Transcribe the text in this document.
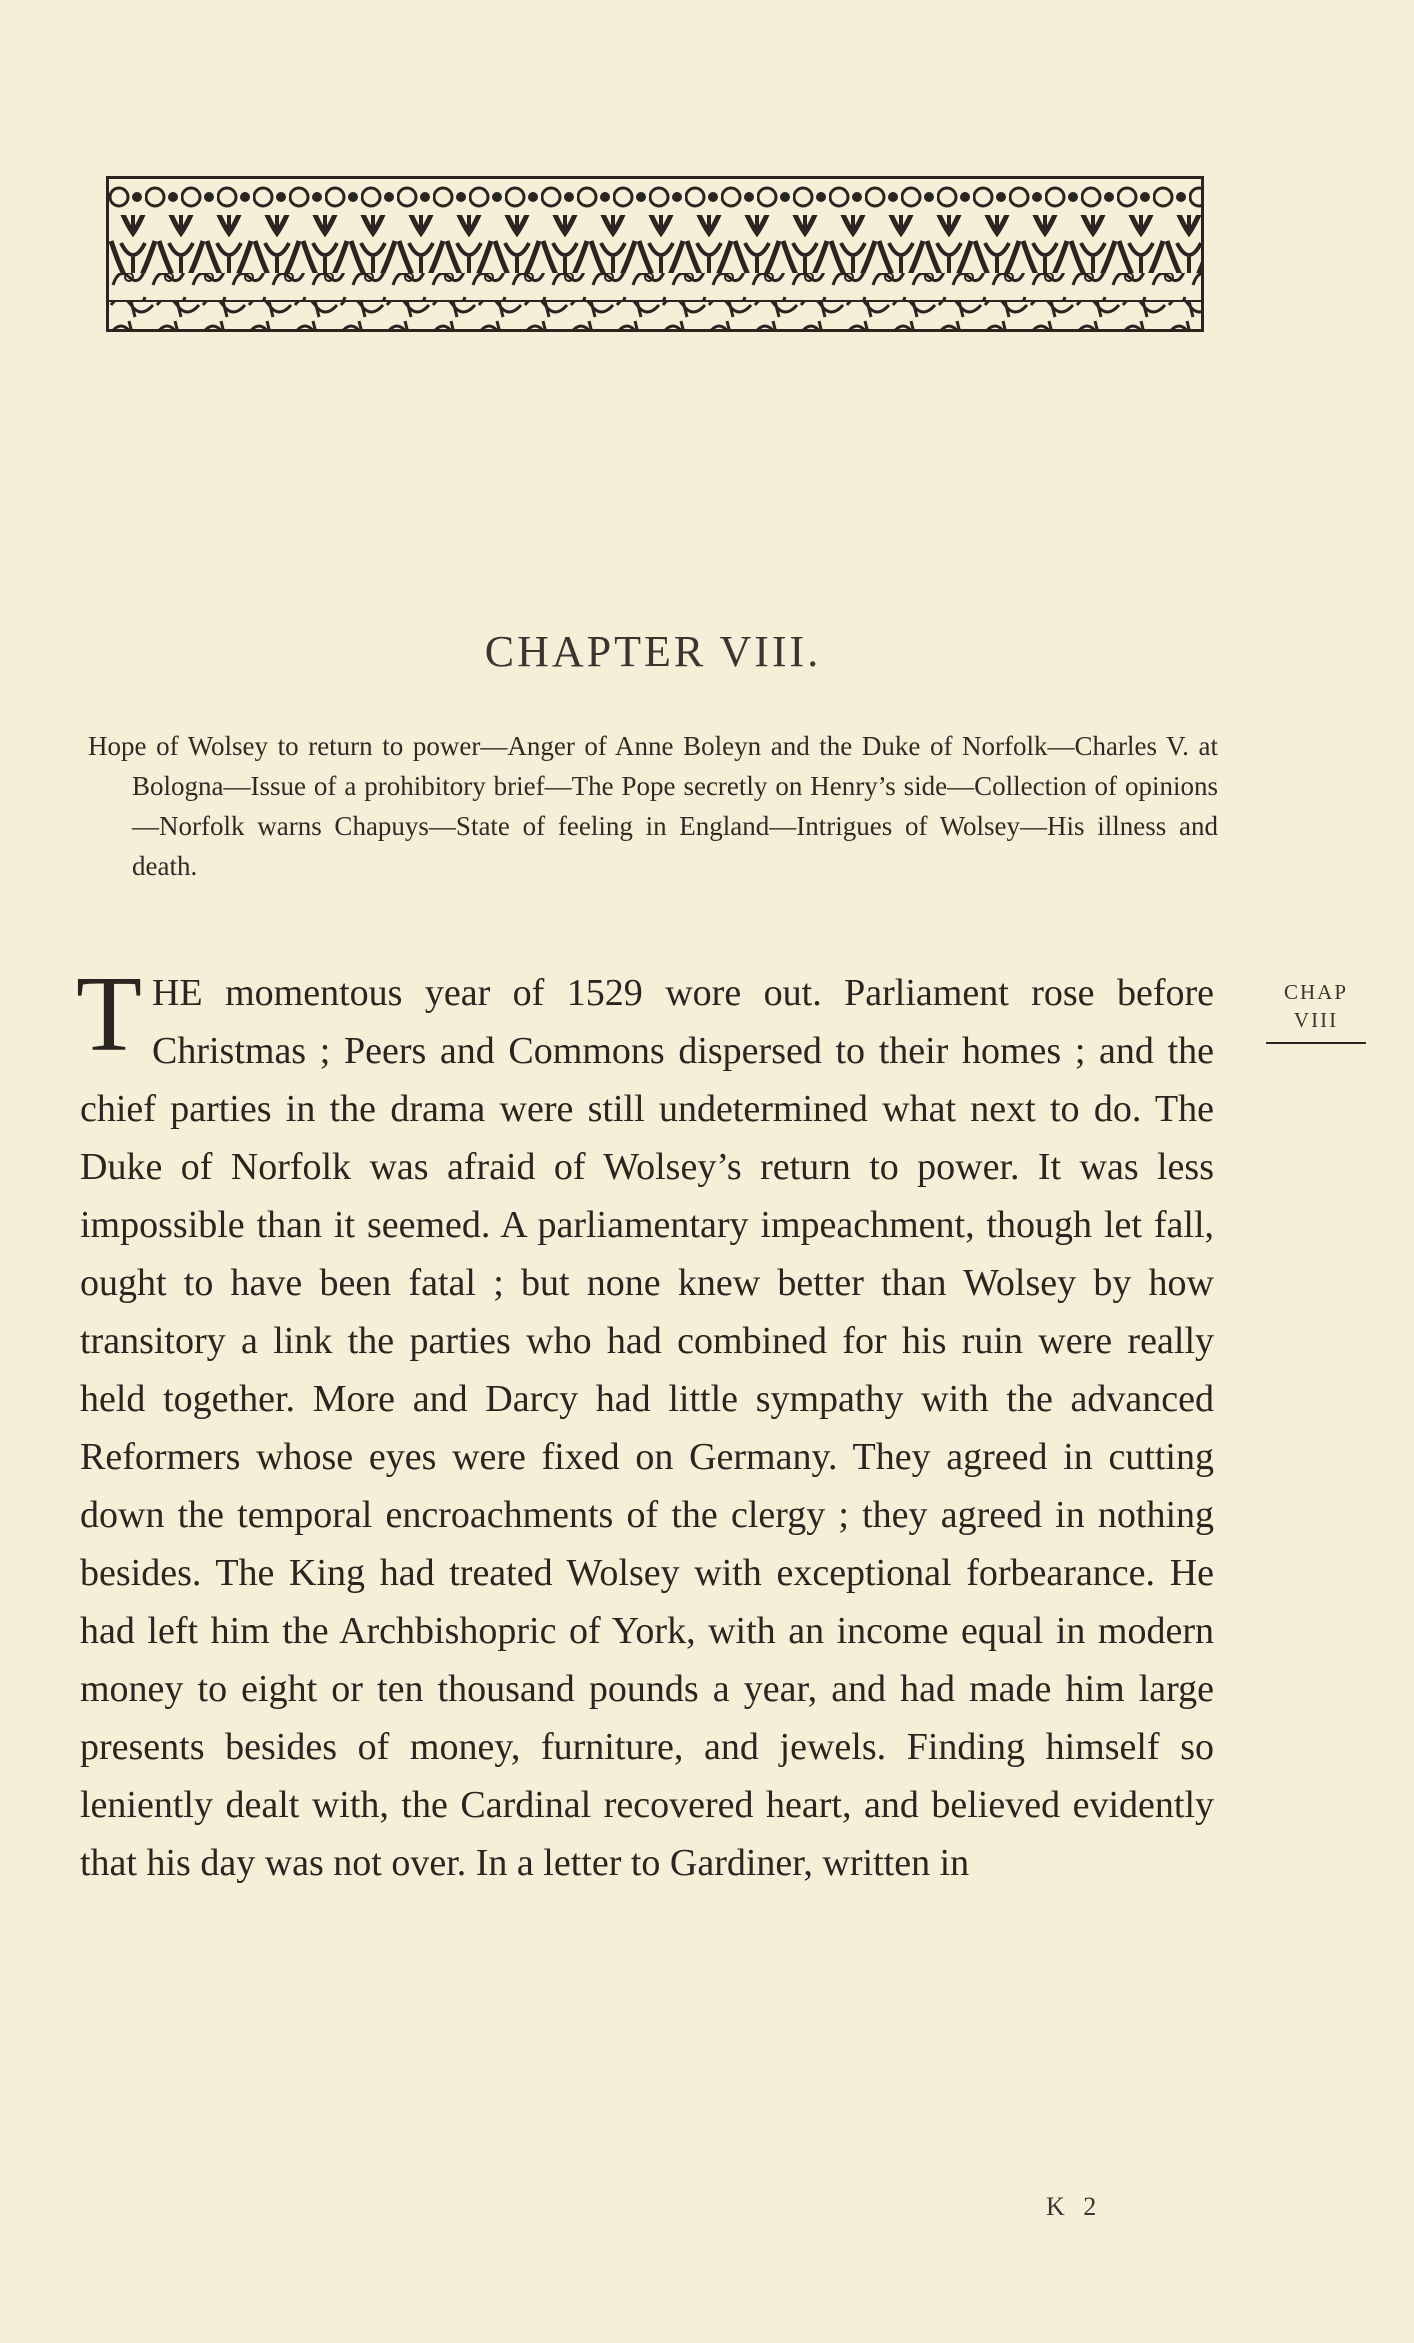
CHAPTER VIII.

Hope of Wolsey to return to power—Anger of Anne Boleyn and the Duke of Norfolk—Charles V. at Bologna—Issue of a prohibitory brief—The Pope secretly on Henry’s side—Collection of opinions—Norfolk warns Chapuys—State of feeling in England—Intrigues of Wolsey—His illness and death.

CHAP
VIII

THE momentous year of 1529 wore out. Parliament rose before Christmas ; Peers and Commons dispersed to their homes ; and the chief parties in the drama were still undetermined what next to do. The Duke of Norfolk was afraid of Wolsey’s return to power. It was less impossible than it seemed. A parliamentary impeachment, though let fall, ought to have been fatal ; but none knew better than Wolsey by how transitory a link the parties who had combined for his ruin were really held together. More and Darcy had little sympathy with the advanced Reformers whose eyes were fixed on Germany. They agreed in cutting down the temporal encroachments of the clergy ; they agreed in nothing besides. The King had treated Wolsey with exceptional forbearance. He had left him the Archbishopric of York, with an income equal in modern money to eight or ten thousand pounds a year, and had made him large presents besides of money, furniture, and jewels. Finding himself so leniently dealt with, the Cardinal recovered heart, and believed evidently that his day was not over. In a letter to Gardiner, written in

K 2
